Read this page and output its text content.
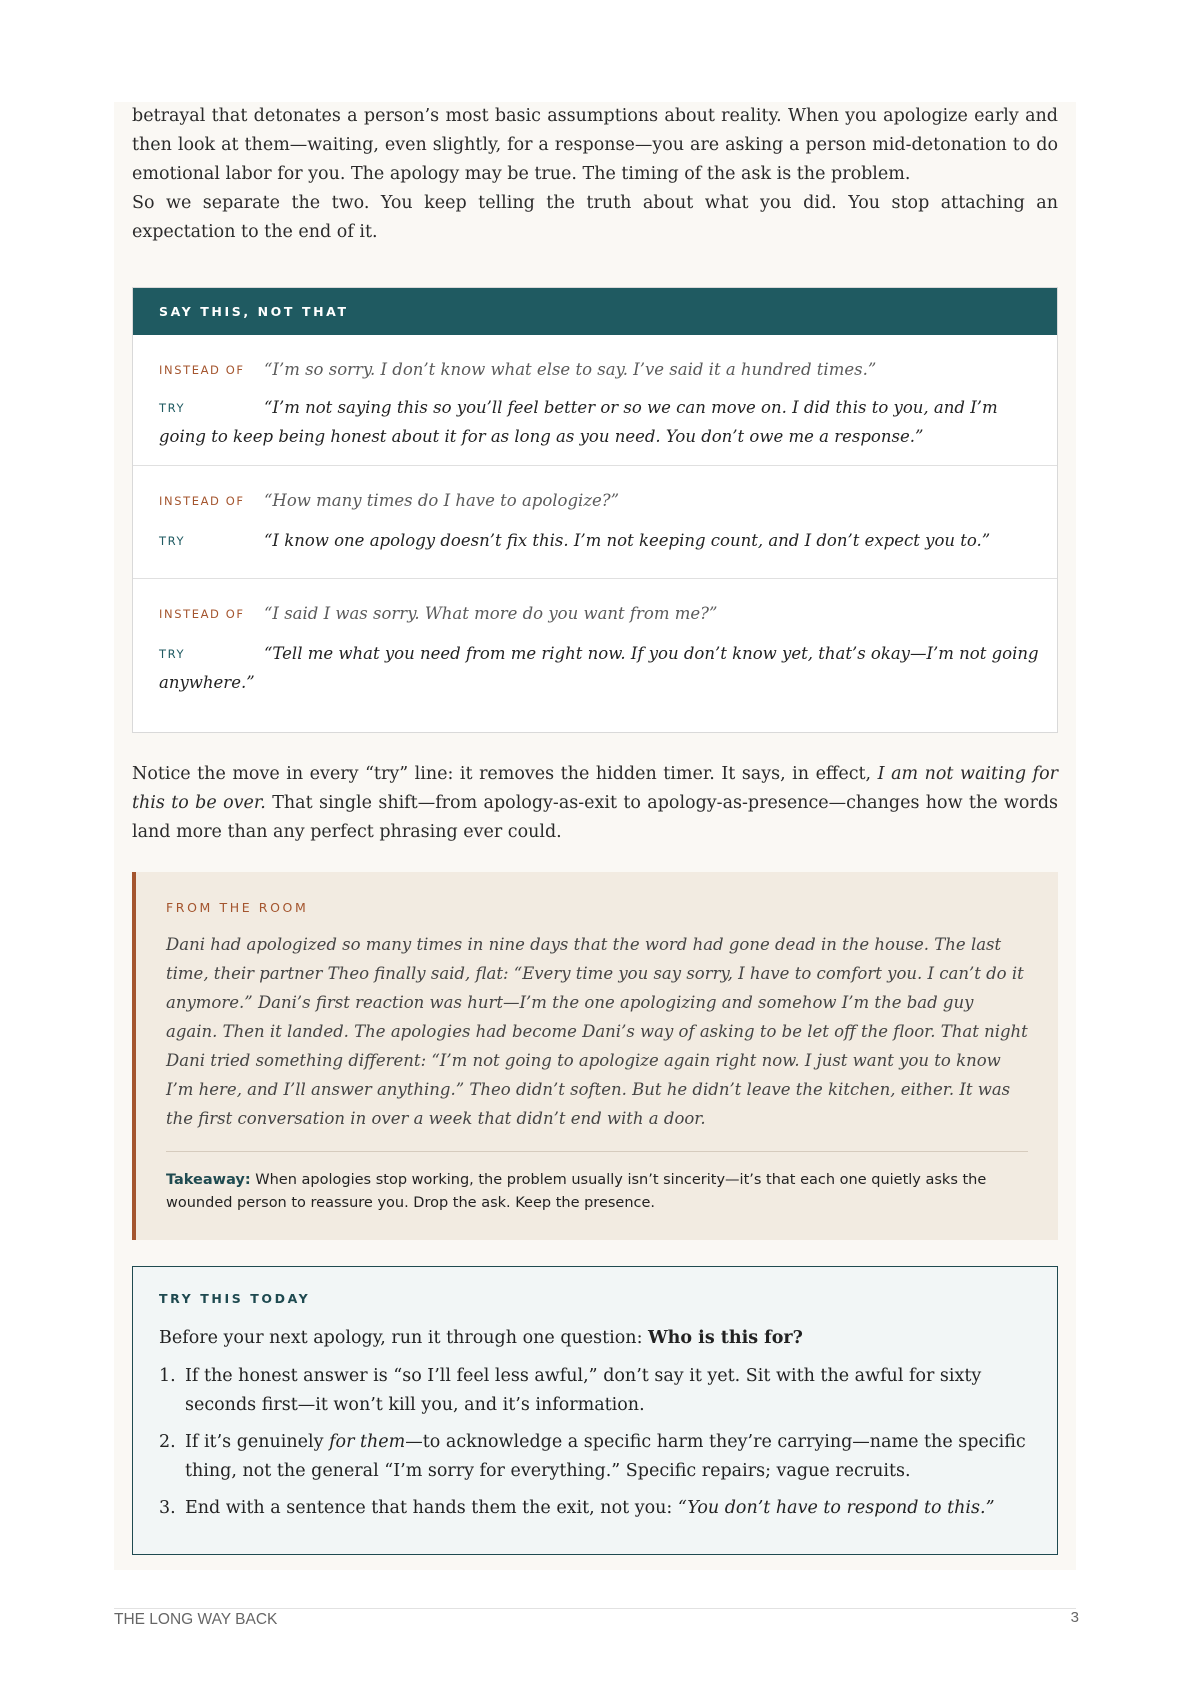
betrayal that detonates a person’s most basic assumptions about reality. When you apologize early and then look at them—waiting, even slightly, for a response—you are asking a person mid-detonation to do emotional labor for you. The apology may be true. The timing of the ask is the problem.

So we separate the two. You keep telling the truth about what you did. You stop attaching an expectation to the end of it.

SAY THIS, NOT THAT
INSTEAD OF “I’m so sorry. I don’t know what else to say. I’ve said it a hundred times.”
TRY	“I’m not saying this so you’ll feel better or so we can move on. I did this to you, and I’m going to keep being honest about it for as long as you need. You don’t owe me a response.”
INSTEAD OF “How many times do I have to apologize?”
TRY	“I know one apology doesn’t fix this. I’m not keeping count, and I don’t expect you to.”
INSTEAD OF “I said I was sorry. What more do you want from me?”
TRY	“Tell me what you need from me right now. If you don’t know yet, that’s okay—I’m not going anywhere.”

Notice the move in every “try” line: it removes the hidden timer. It says, in effect, I am not waiting for this to be over. That single shift—from apology-as-exit to apology-as-presence—changes how the words land more than any perfect phrasing ever could.

FROM THE ROOM
Dani had apologized so many times in nine days that the word had gone dead in the house. The last time, their partner Theo finally said, flat: “Every time you say sorry, I have to comfort you. I can’t do it anymore.” Dani’s first reaction was hurt—I’m the one apologizing and somehow I’m the bad guy again. Then it landed. The apologies had become Dani’s way of asking to be let off the floor. That night Dani tried something different: “I’m not going to apologize again right now. I just want you to know I’m here, and I’ll answer anything.” Theo didn’t soften. But he didn’t leave the kitchen, either. It was the first conversation in over a week that didn’t end with a door.
Takeaway: When apologies stop working, the problem usually isn’t sincerity—it’s that each one quietly asks the wounded person to reassure you. Drop the ask. Keep the presence.
TRY THIS TODAY
Before your next apology, run it through one question: Who is this for?
1. If the honest answer is “so I’ll feel less awful,” don’t say it yet. Sit with the awful for sixty seconds first—it won’t kill you, and it’s information.
2. If it’s genuinely for them—to acknowledge a specific harm they’re carrying—name the specific thing, not the general “I’m sorry for everything.” Specific repairs; vague recruits.
3. End with a sentence that hands them the exit, not you: “You don’t have to respond to this.”
THE LONG WAY BACK	3
